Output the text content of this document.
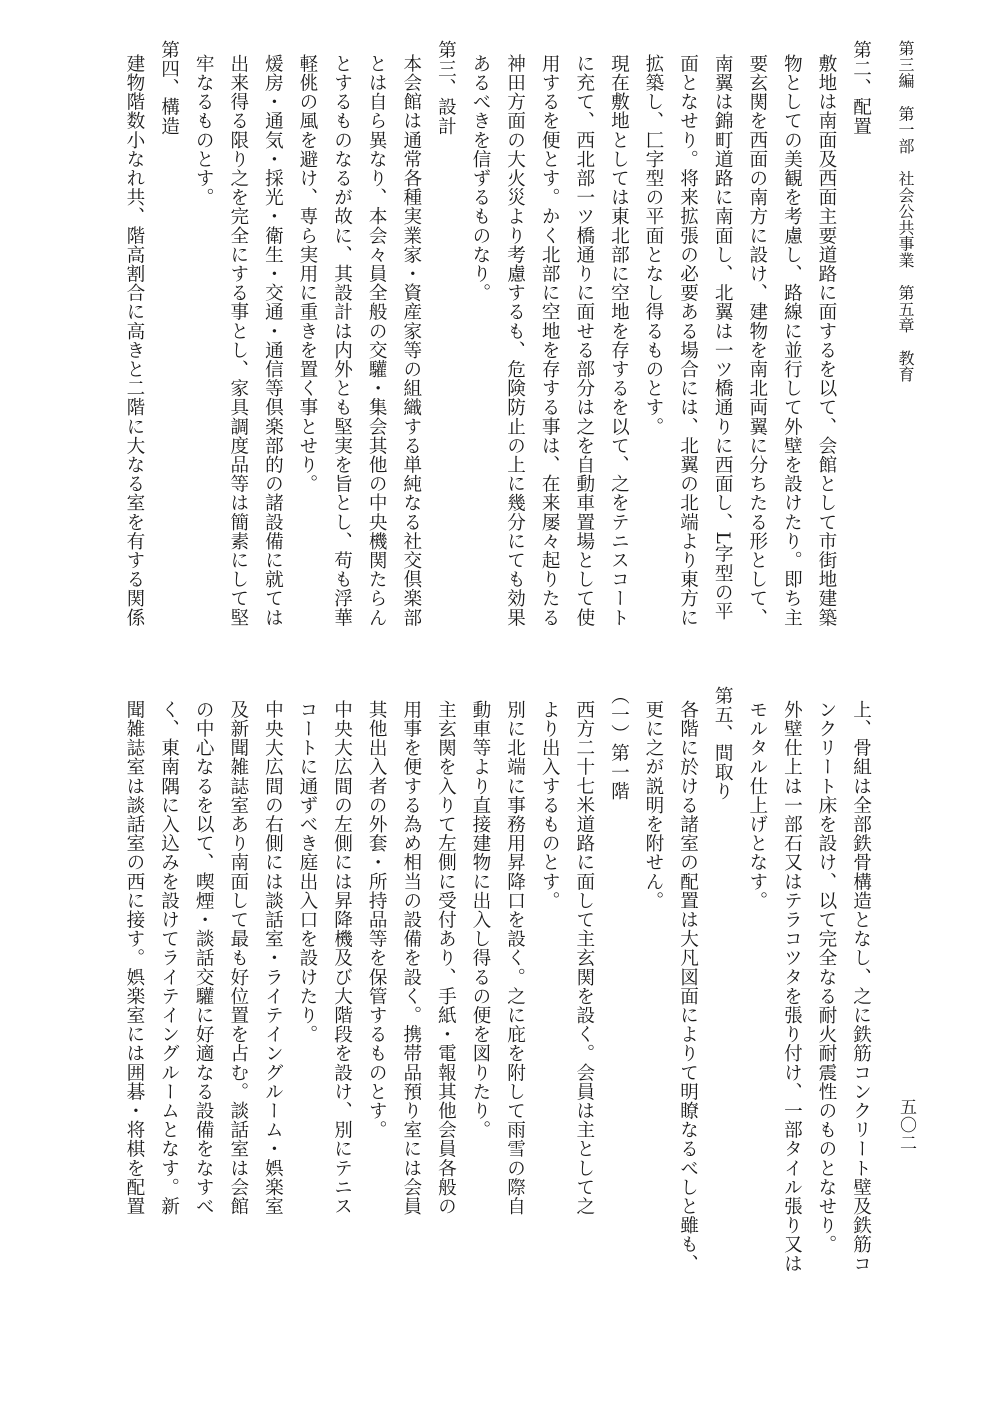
第三編　第一部　社会公共事業　第五章　教育
五〇二
第二、配置
敷地は南面及西面主要道路に面するを以て、会館として市街地建築
物としての美観を考慮し、路線に並行して外壁を設けたり。即ち主
要玄関を西面の南方に設け、建物を南北両翼に分ちたる形として、
南翼は錦町道路に南面し、北翼は一ツ橋通りに西面し、L字型の平
面となせり。将来拡張の必要ある場合には、北翼の北端より東方に
拡築し、匚字型の平面となし得るものとす。
現在敷地としては東北部に空地を存するを以て、之をテニスコート
に充て、西北部一ツ橋通りに面せる部分は之を自動車置場として使
用するを便とす。かく北部に空地を存する事は、在来屡々起りたる
神田方面の大火災より考慮するも、危険防止の上に幾分にても効果
あるべきを信ずるものなり。
第三、設計
本会館は通常各種実業家・資産家等の組織する単純なる社交倶楽部
とは自ら異なり、本会々員全般の交驩・集会其他の中央機関たらん
とするものなるが故に、其設計は内外とも堅実を旨とし、苟も浮華
軽佻の風を避け、専ら実用に重きを置く事とせり。
煖房・通気・採光・衛生・交通・通信等倶楽部的の諸設備に就ては
出来得る限り之を完全にする事とし、家具調度品等は簡素にして堅
牢なるものとす。
第四、構造
建物階数小なれ共、階高割合に高きと二階に大なる室を有する関係
上、骨組は全部鉄骨構造となし、之に鉄筋コンクリート壁及鉄筋コ
ンクリート床を設け、以て完全なる耐火耐震性のものとなせり。
外壁仕上は一部石又はテラコツタを張り付け、一部タイル張り又は
モルタル仕上げとなす。
第五、間取り
各階に於ける諸室の配置は大凡図面によりて明瞭なるべしと雖も、
更に之が説明を附せん。
（一）第一階
西方二十七米道路に面して主玄関を設く。会員は主として之
より出入するものとす。
別に北端に事務用昇降口を設く。之に庇を附して雨雪の際自
動車等より直接建物に出入し得るの便を図りたり。
主玄関を入りて左側に受付あり、手紙・電報其他会員各般の
用事を便する為め相当の設備を設く。携帯品預り室には会員
其他出入者の外套・所持品等を保管するものとす。
中央大広間の左側には昇降機及び大階段を設け、別にテニス
コートに通ずべき庭出入口を設けたり。
中央大広間の右側には談話室・ライテイングルーム・娯楽室
及新聞雑誌室あり南面して最も好位置を占む。談話室は会館
の中心なるを以て、喫煙・談話交驩に好適なる設備をなすべ
く、東南隅に入込みを設けてライテイングルームとなす。新
聞雑誌室は談話室の西に接す。娯楽室には囲碁・将棋を配置
